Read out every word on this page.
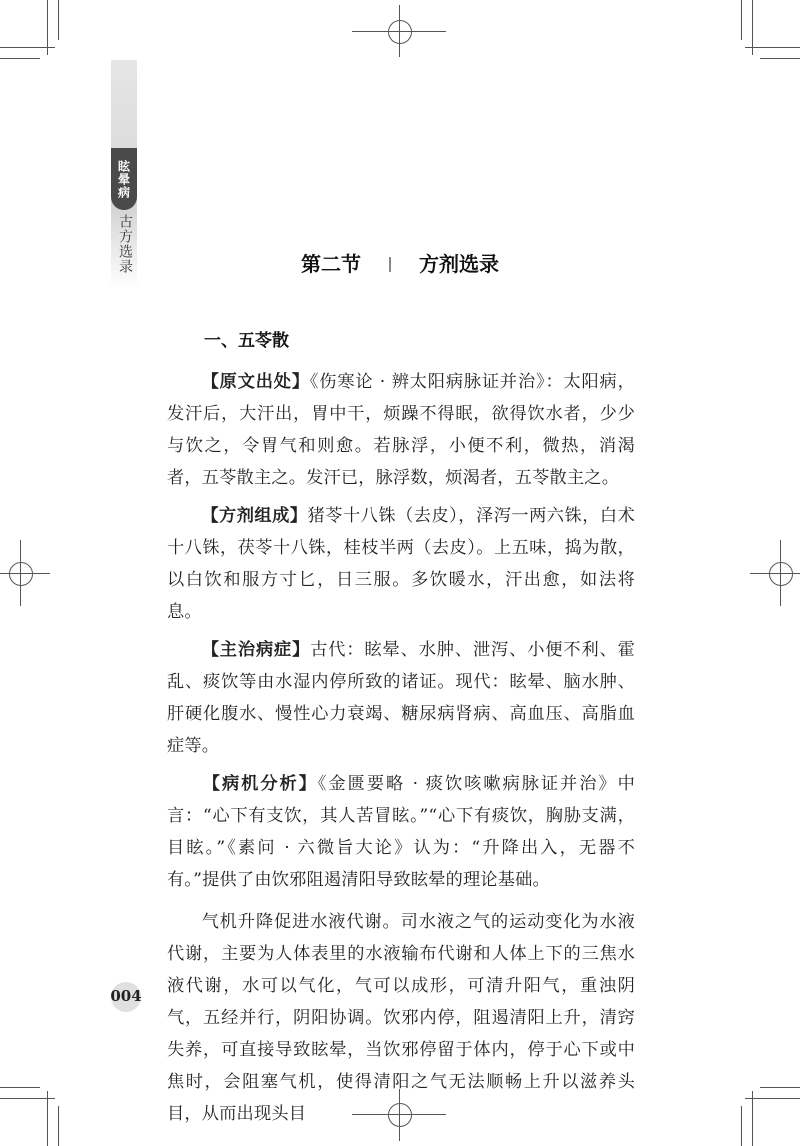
眩晕病
古方选录	第二节	方剂选录
一、五苓散

【原文出处】《伤寒论 · 辨太阳病脉证并治》：太阳病，发汗后，大汗出，胃中干，烦躁不得眠，欲得饮水者，少少与饮之，令胃气和则愈。若脉浮，小便不利，微热，消渴者，五苓散主之。发汗已，脉浮数，烦渴者，五苓散主之。

【方剂组成】猪苓十八铢（去皮），泽泻一两六铢，白术十八铢，茯苓十八铢，桂枝半两（去皮）。上五味，捣为散，以白饮和服方寸匕，日三服。多饮暖水，汗出愈，如法将息。

【主治病症】古代：眩晕、水肿、泄泻、小便不利、霍乱、痰饮等由水湿内停所致的诸证。现代：眩晕、脑水肿、肝硬化腹水、慢性心力衰竭、糖尿病肾病、高血压、高脂血症等。

【病机分析】《金匮要略 · 痰饮咳嗽病脉证并治》中言：“心下有支饮，其人苦冒眩。”“心下有痰饮，胸胁支满，目眩。”《素问 · 六微旨大论》认为：“升降出入，无器不有。”提供了由饮邪阻遏清阳导致眩晕的理论基础。

气机升降促进水液代谢。司水液之气的运动变化为水液代谢，主要为人体表里的水液输布代谢和人体上下的三焦水液代谢，水可以气化，气可以成形，可清升阳气，重浊阴气，五经并行，阴阳协调。饮邪内停，阻遏清阳上升，清窍失养，可直接导致眩晕，当饮邪停留于体内，停于心下或中焦时，会阻塞气机，使得清阳之气无法顺畅上升以滋养头目，从而出现头目

004
